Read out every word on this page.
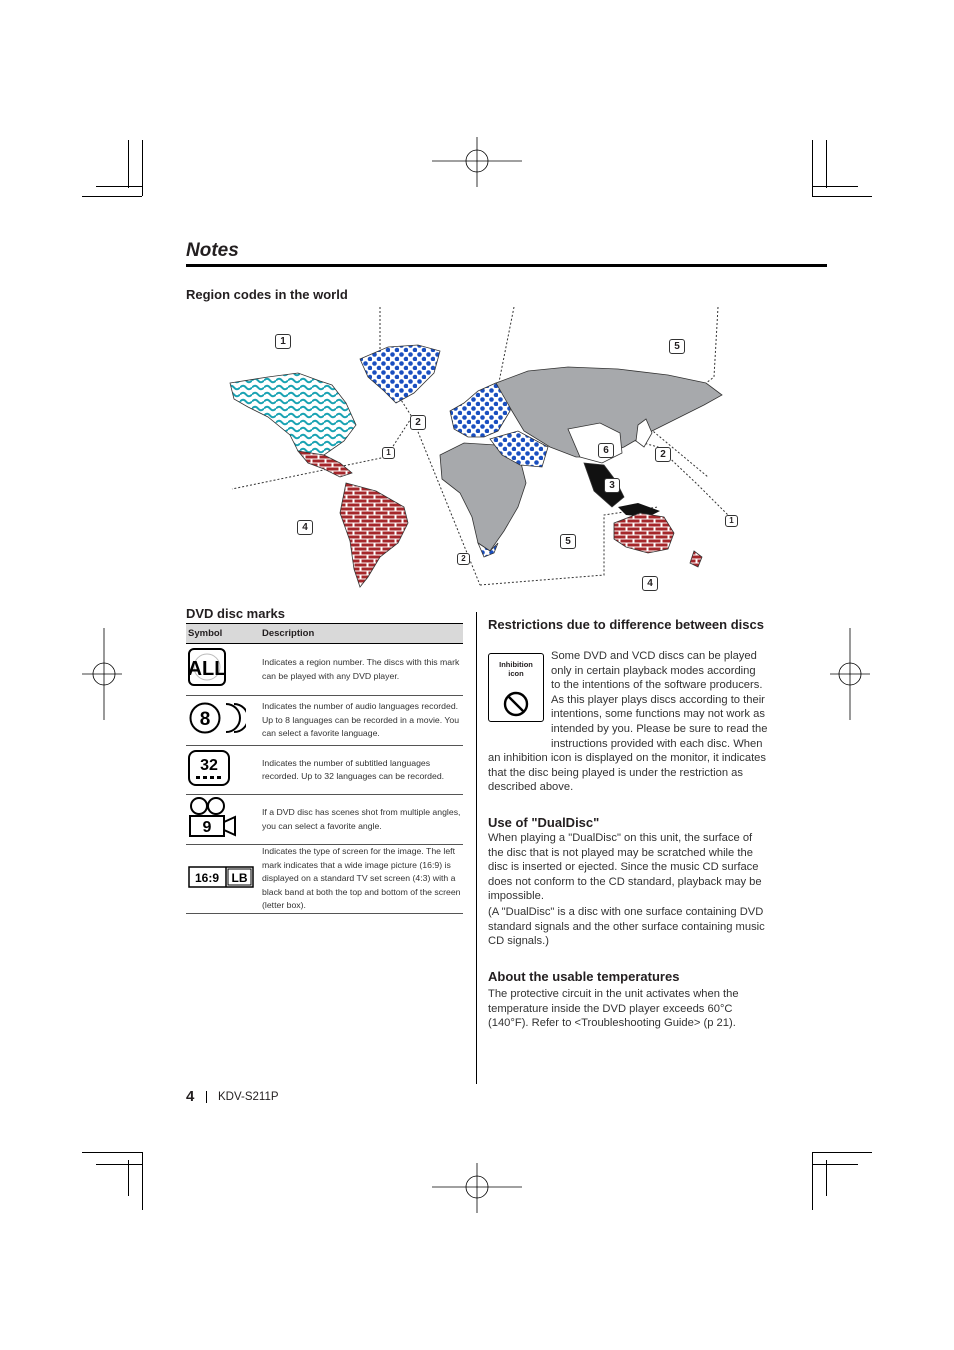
Notes
Region codes in the world
1	5
2
1	6	2
3
1
4
5
2
4
DVD disc marks
Symbol	Description

ALL	Indicates a region number. The discs with this mark can be played with any DVD player.

8	Indicates the number of audio languages recorded. Up to 8 languages can be recorded in a movie. You can select a favorite language.

32	Indicates the number of subtitled languages recorded. Up to 32 languages can be recorded.

9	If a DVD disc has scenes shot from multiple angles, you can select a favorite angle.

16:9 LB	Indicates the type of screen for the image. The left mark indicates that a wide image picture (16:9) is displayed on a standard TV set screen (4:3) with a black band at both the top and bottom of the screen (letter box).
Restrictions due to difference between discs
Inhibition icon
Some DVD and VCD discs can be played only in certain playback modes according to the intentions of the software producers. As this player plays discs according to their intentions, some functions may not work as intended by you. Please be sure to read the instructions provided with each disc. When an inhibition icon is displayed on the monitor, it indicates that the disc being played is under the restriction as described above.
Use of "DualDisc"
When playing a "DualDisc" on this unit, the surface of the disc that is not played may be scratched while the disc is inserted or ejected. Since the music CD surface does not conform to the CD standard, playback may be impossible.
(A "DualDisc" is a disc with one surface containing DVD standard signals and the other surface containing music CD signals.)
About the usable temperatures
The protective circuit in the unit activates when the temperature inside the DVD player exceeds 60°C (140°F). Refer to <Troubleshooting Guide> (p 21).
4 KDV-S211P
